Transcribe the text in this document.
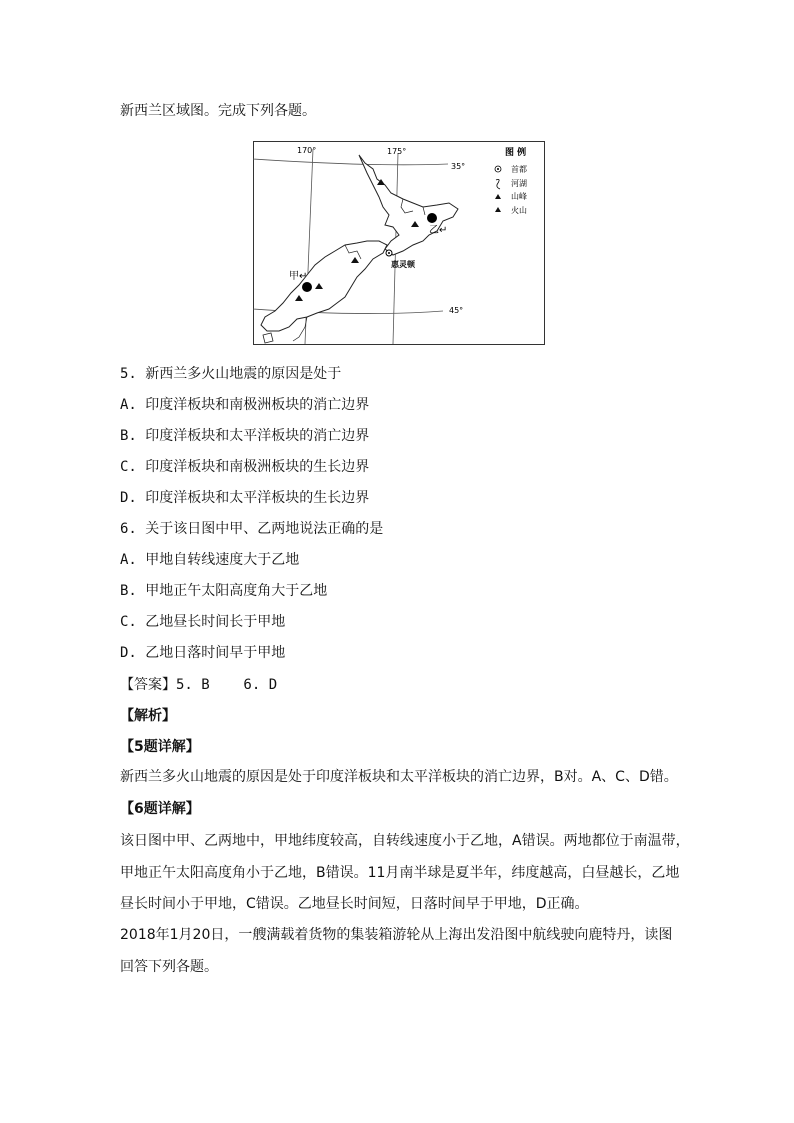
新西兰区域图。完成下列各题。
170°	175°
35°
45°
乙↵
甲↵
惠灵顿
图 例
首都
河湖
山峰
火山
5. 新西兰多火山地震的原因是处于
A. 印度洋板块和南极洲板块的消亡边界
B. 印度洋板块和太平洋板块的消亡边界
C. 印度洋板块和南极洲板块的生长边界
D. 印度洋板块和太平洋板块的生长边界
6. 关于该日图中甲、乙两地说法正确的是
A. 甲地自转线速度大于乙地
B. 甲地正午太阳高度角大于乙地
C. 乙地昼长时间长于甲地
D. 乙地日落时间早于甲地
【答案】5. B    6. D
【解析】
【5题详解】
新西兰多火山地震的原因是处于印度洋板块和太平洋板块的消亡边界，B对。A、C、D错。
【6题详解】
该日图中甲、乙两地中，甲地纬度较高，自转线速度小于乙地，A错误。两地都位于南温带，
甲地正午太阳高度角小于乙地，B错误。11月南半球是夏半年，纬度越高，白昼越长，乙地
昼长时间小于甲地，C错误。乙地昼长时间短，日落时间早于甲地，D正确。
2018年1月20日，一艘满载着货物的集装箱游轮从上海出发沿图中航线驶向鹿特丹，读图
回答下列各题。
